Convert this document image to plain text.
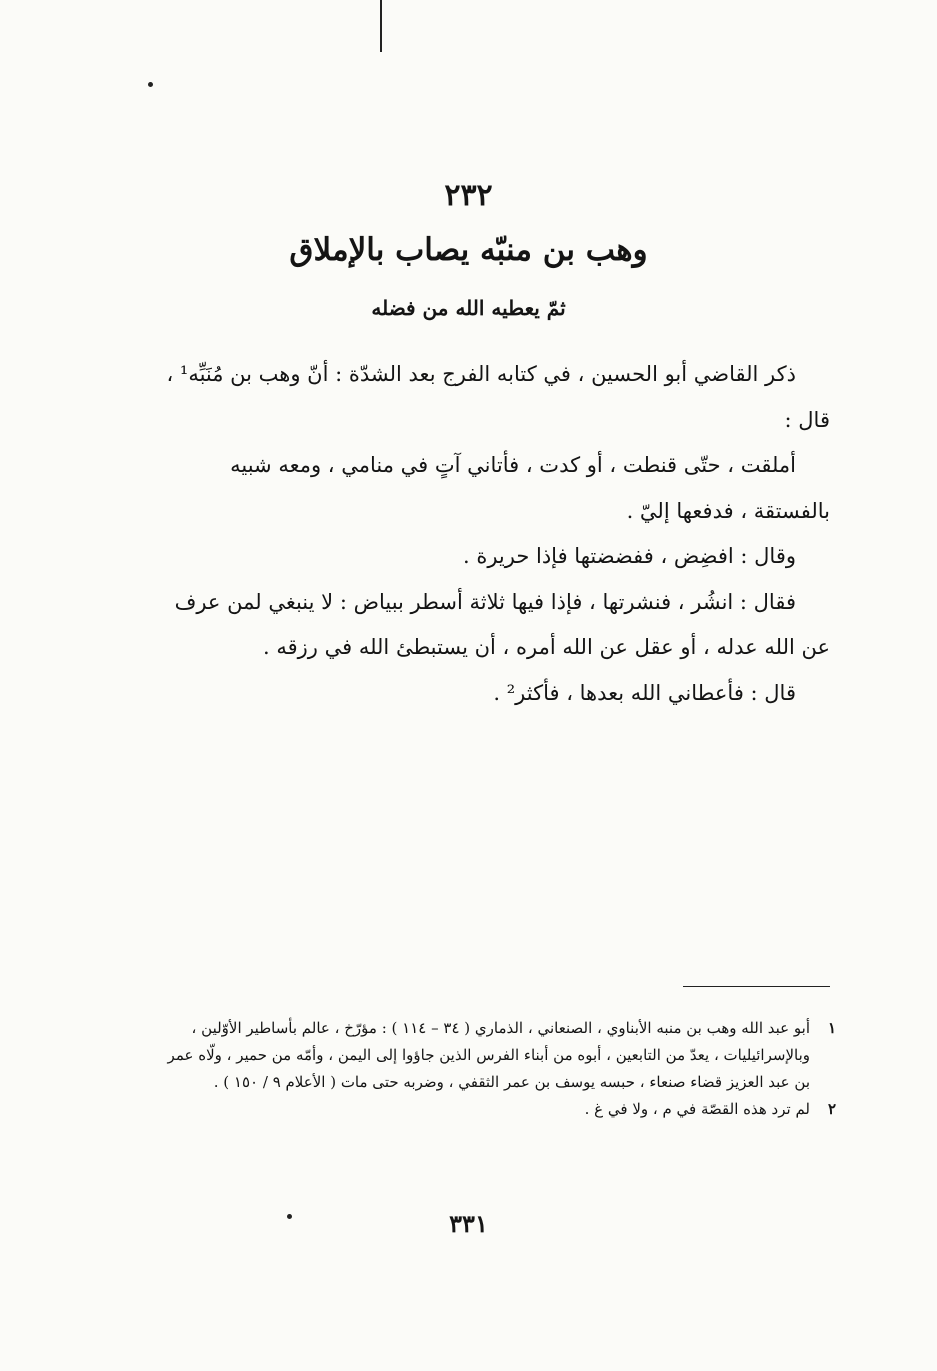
٢٣٢
وهب بن منبّه يصاب بالإملاق
ثمّ يعطيه الله من فضله

ذكر القاضي أبو الحسين ، في كتابه الفرج بعد الشدّة : أنّ وهب بن مُنَبِّه¹ ، قال :

أملقت ، حتّى قنطت ، أو كدت ، فأتاني آتٍ في منامي ، ومعه شبيه بالفستقة ، فدفعها إليّ .

وقال : افضِض ، ففضضتها فإذا حريرة .

فقال : انشُر ، فنشرتها ، فإذا فيها ثلاثة أسطر ببياض : لا ينبغي لمن عرف عن الله عدله ، أو عقل عن الله أمره ، أن يستبطئ الله في رزقه .

قال : فأعطاني الله بعدها ، فأكثر² .

١
أبو عبد الله وهب بن منبه الأبناوي ، الصنعاني ، الذماري ( ٣٤ – ١١٤ ) : مؤرّخ ، عالم بأساطير الأوّلين ، وبالإسرائيليات ، يعدّ من التابعين ، أبوه من أبناء الفرس الذين جاؤوا إلى اليمن ، وأمّه من حمير ، ولّاه عمر بن عبد العزيز قضاء صنعاء ، حبسه يوسف بن عمر الثقفي ، وضربه حتى مات ( الأعلام ٩ / ١٥٠ ) .
٢
لم ترد هذه القصّة في م ، ولا في غ .
٣٣١
